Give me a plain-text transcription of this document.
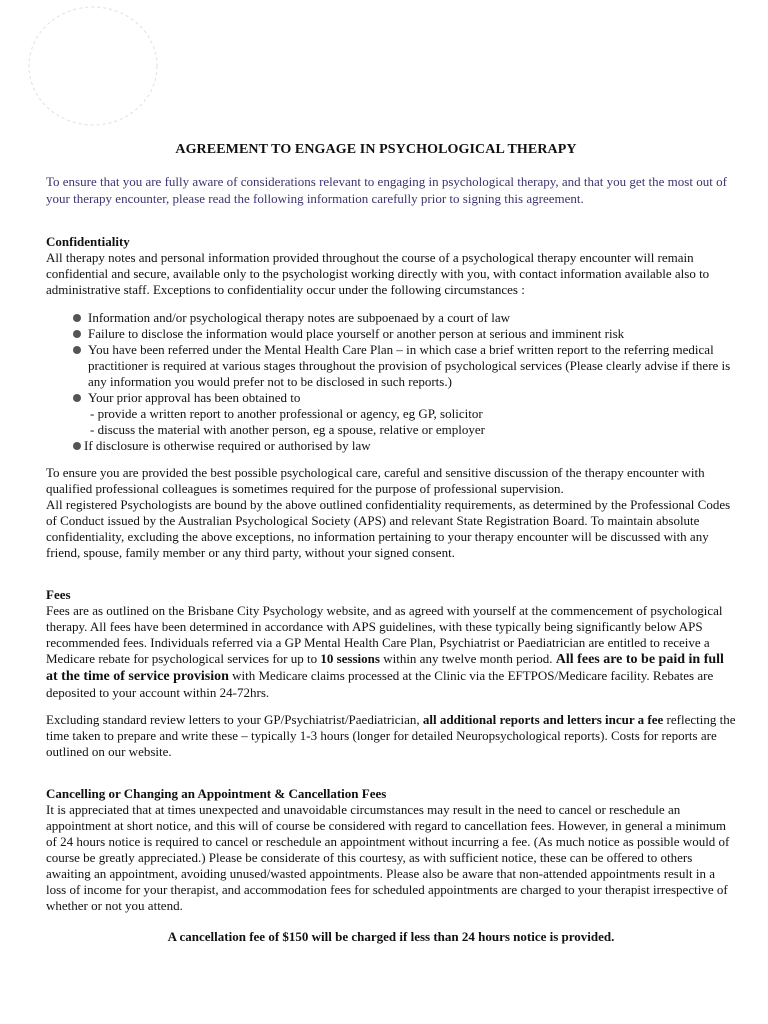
AGREEMENT TO ENGAGE IN PSYCHOLOGICAL THERAPY
To ensure that you are fully aware of considerations relevant to engaging in psychological therapy, and that you get the most out of your therapy encounter, please read the following information carefully prior to signing this agreement.
Confidentiality

All therapy notes and personal information provided throughout the course of a psychological therapy encounter will remain confidential and secure, available only to the psychologist working directly with you, with contact information available also to administrative staff. Exceptions to confidentiality occur under the following circumstances :

Information and/or psychological therapy notes are subpoenaed by a court of law
Failure to disclose the information would place yourself or another person at serious and imminent risk
You have been referred under the Mental Health Care Plan – in which case a brief written report to the referring medical practitioner is required at various stages throughout the provision of psychological services (Please clearly advise if there is any information you would prefer not to be disclosed in such reports.)
Your prior approval has been obtained to
- provide a written report to another professional or agency, eg GP, solicitor
- discuss the material with another person, eg a spouse, relative or employer
If disclosure is otherwise required or authorised by law

To ensure you are provided the best possible psychological care, careful and sensitive discussion of the therapy encounter with qualified professional colleagues is sometimes required for the purpose of professional supervision.

All registered Psychologists are bound by the above outlined confidentiality requirements, as determined by the Professional Codes of Conduct issued by the Australian Psychological Society (APS) and relevant State Registration Board. To maintain absolute confidentiality, excluding the above exceptions, no information pertaining to your therapy encounter will be discussed with any friend, spouse, family member or any third party, without your signed consent.

Fees

Fees are as outlined on the Brisbane City Psychology website, and as agreed with yourself at the commencement of psychological therapy. All fees have been determined in accordance with APS guidelines, with these typically being significantly below APS recommended fees. Individuals referred via a GP Mental Health Care Plan, Psychiatrist or Paediatrician are entitled to receive a Medicare rebate for psychological services for up to 10 sessions within any twelve month period. All fees are to be paid in full at the time of service provision with Medicare claims processed at the Clinic via the EFTPOS/Medicare facility. Rebates are deposited to your account within 24-72hrs.

Excluding standard review letters to your GP/Psychiatrist/Paediatrician, all additional reports and letters incur a fee reflecting the time taken to prepare and write these – typically 1-3 hours (longer for detailed Neuropsychological reports). Costs for reports are outlined on our website.

Cancelling or Changing an Appointment & Cancellation Fees

It is appreciated that at times unexpected and unavoidable circumstances may result in the need to cancel or reschedule an appointment at short notice, and this will of course be considered with regard to cancellation fees. However, in general a minimum of 24 hours notice is required to cancel or reschedule an appointment without incurring a fee. (As much notice as possible would of course be greatly appreciated.) Please be considerate of this courtesy, as with sufficient notice, these can be offered to others awaiting an appointment, avoiding unused/wasted appointments. Please also be aware that non-attended appointments result in a loss of income for your therapist, and accommodation fees for scheduled appointments are charged to your therapist irrespective of whether or not you attend.

A cancellation fee of $150 will be charged if less than 24 hours notice is provided.
